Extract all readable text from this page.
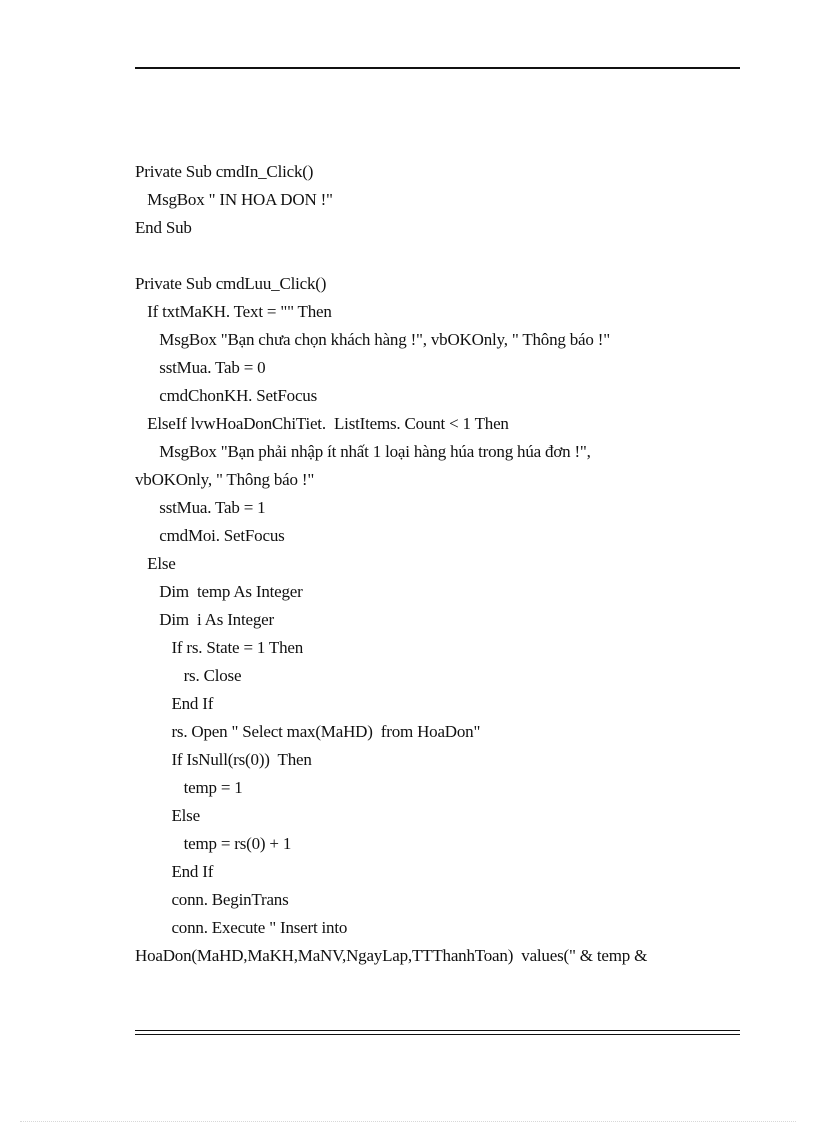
Private Sub cmdIn_Click()
MsgBox " IN HOA DON !"
End Sub
Private Sub cmdLuu_Click()
If txtMaKH. Text = "" Then
MsgBox "Bạn chưa chọn khách hàng !", vbOKOnly, " Thông báo !"
sstMua. Tab = 0
cmdChonKH. SetFocus
ElseIf lvwHoaDonChiTiet.  ListItems. Count < 1 Then
MsgBox "Bạn phải nhập ít nhất 1 loại hàng húa trong húa đơn !",
vbOKOnly, " Thông báo !"
sstMua. Tab = 1
cmdMoi. SetFocus
Else
Dim  temp As Integer
Dim  i As Integer
If rs. State = 1 Then
rs. Close
End If
rs. Open " Select max(MaHD)  from HoaDon"
If IsNull(rs(0))  Then
temp = 1
Else
temp = rs(0) + 1
End If
conn. BeginTrans
conn. Execute " Insert into
HoaDon(MaHD,MaKH,MaNV,NgayLap,TTThanhToan)  values(" & temp &
